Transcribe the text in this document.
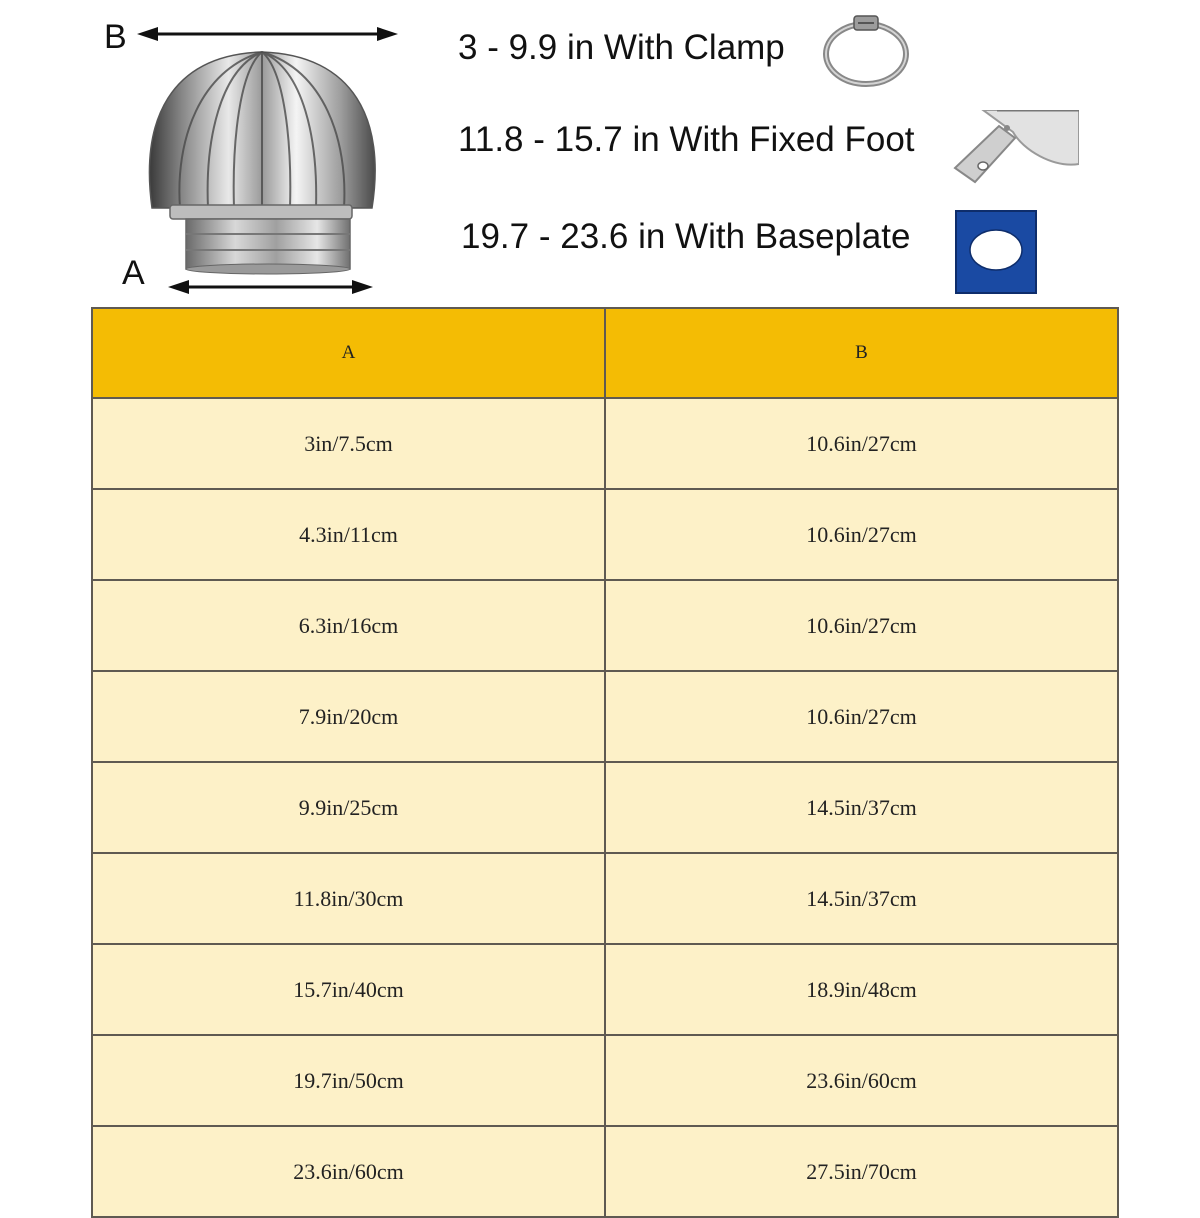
B
A
3 - 9.9 in With Clamp
11.8 - 15.7 in With Fixed Foot
19.7 - 23.6 in With Baseplate
A	B
3in/7.5cm	10.6in/27cm
4.3in/11cm	10.6in/27cm
6.3in/16cm	10.6in/27cm
7.9in/20cm	10.6in/27cm
9.9in/25cm	14.5in/37cm
11.8in/30cm	14.5in/37cm
15.7in/40cm	18.9in/48cm
19.7in/50cm	23.6in/60cm
23.6in/60cm	27.5in/70cm
